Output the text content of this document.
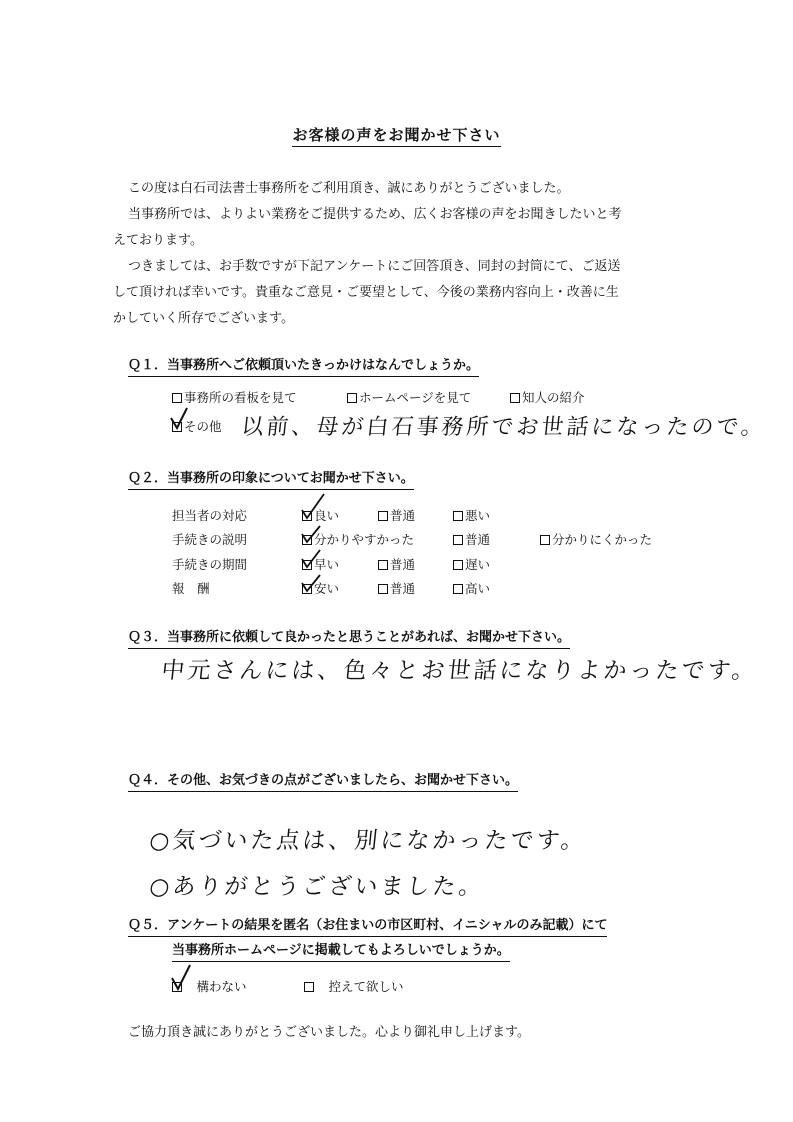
お客様の声をお聞かせ下さい
この度は白石司法書士事務所をご利用頂き、誠にありがとうございました。
当事務所では、よりよい業務をご提供するため、広くお客様の声をお聞きしたいと考
えております。
つきましては、お手数ですが下記アンケートにご回答頂き、同封の封筒にて、ご返送
して頂ければ幸いです。貴重なご意見・ご要望として、今後の業務内容向上・改善に生
かしていく所存でございます。
Ｑ１．当事務所へご依頼頂いたきっかけはなんでしょうか。
事務所の看板を見て	ホームページを見て	知人の紹介
その他 以前、母が白石事務所でお世話になったので。
Ｑ２．当事務所の印象についてお聞かせ下さい。
担当者の対応	良い	普通	悪い
手続きの説明	分かりやすかった	普通	分かりにくかった
手続きの期間	早い	普通	遅い
報　酬	安い	普通	高い
Ｑ３．当事務所に依頼して良かったと思うことがあれば、お聞かせ下さい。
中元さんには、色々とお世話になりよかったです。
Ｑ４．その他、お気づきの点がございましたら、お聞かせ下さい。
○気づいた点は、別になかったです。
○ありがとうございました。
Ｑ５．アンケートの結果を匿名（お住まいの市区町村、イニシャルのみ記載）にて
当事務所ホームページに掲載してもよろしいでしょうか。
　構わない
　	控えて欲しい
ご協力頂き誠にありがとうございました。心より御礼申し上げます。
